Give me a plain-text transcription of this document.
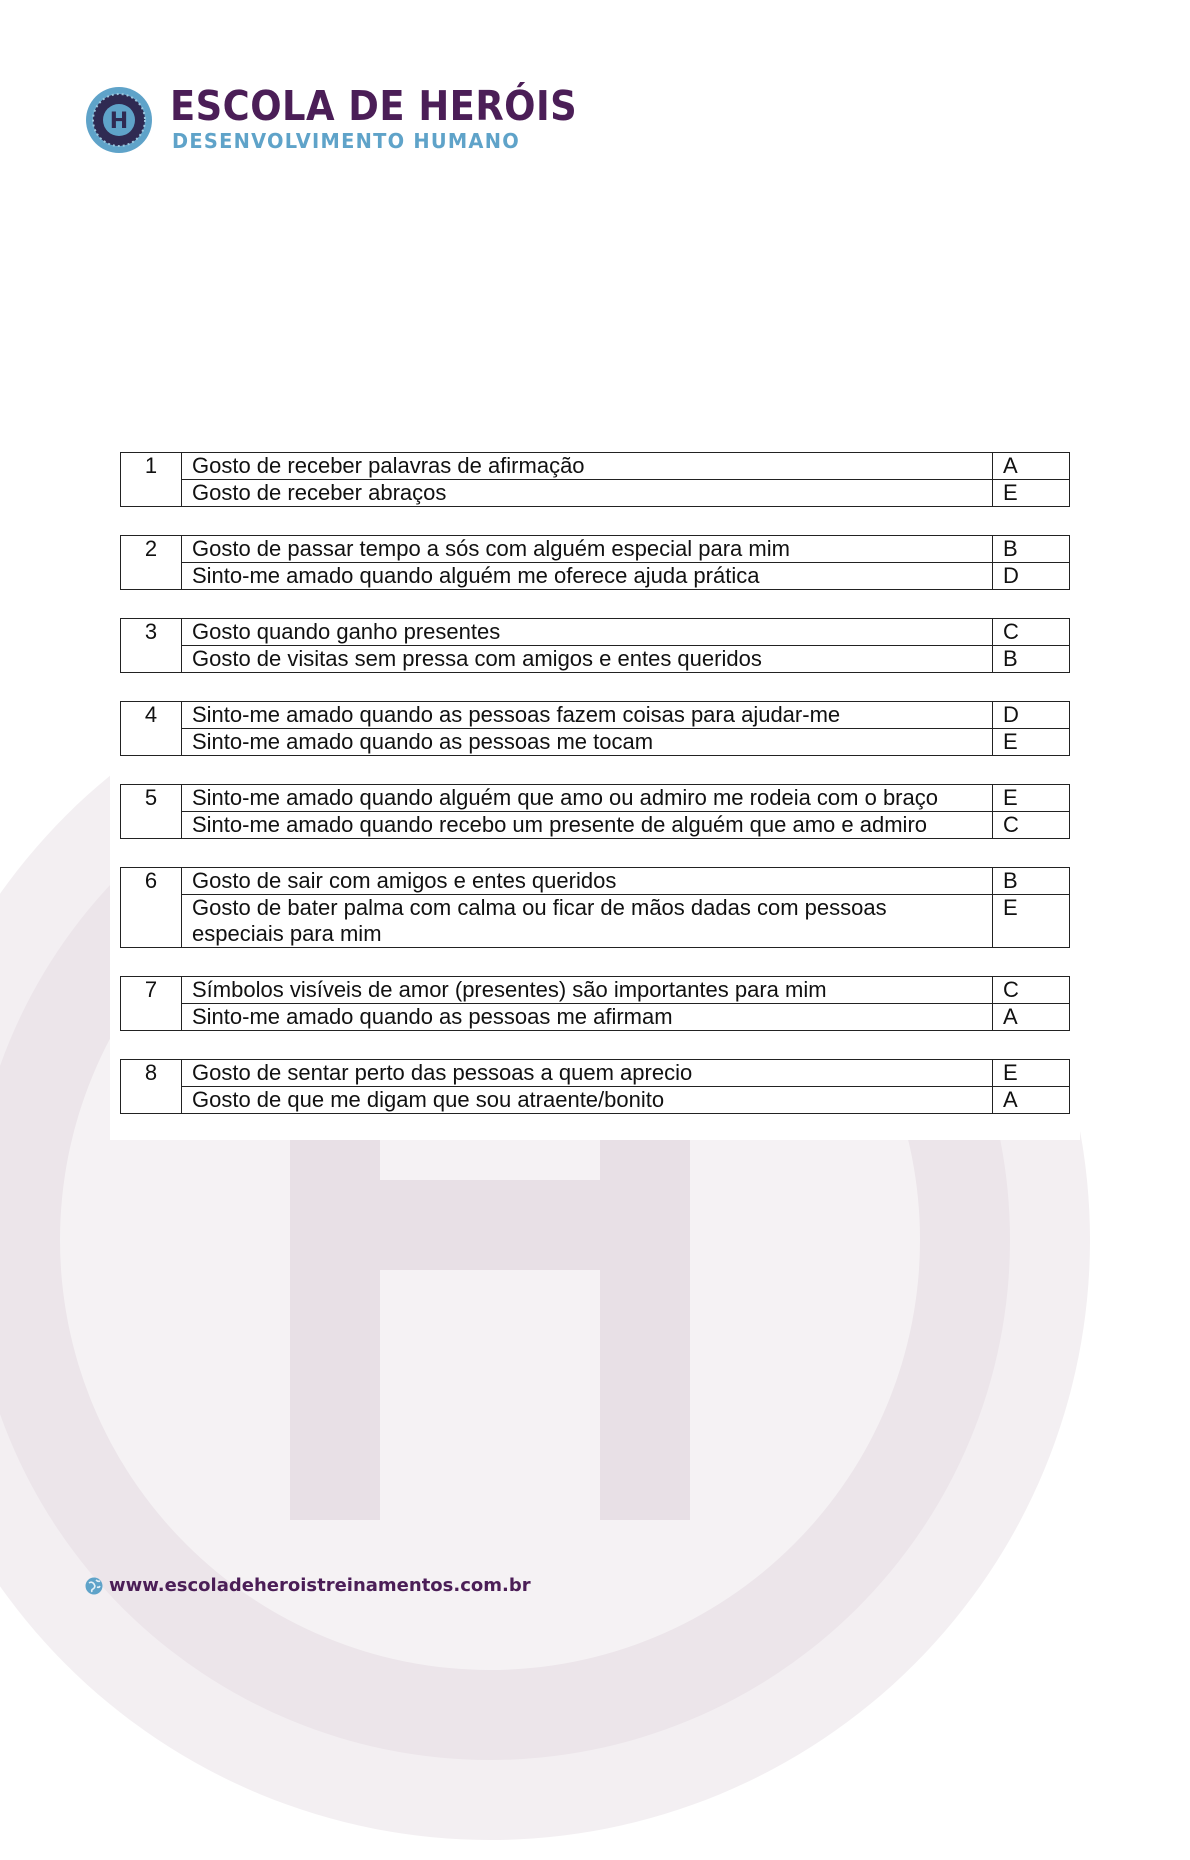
H ESCOLA DE HERÓIS
DESENVOLVIMENTO HUMANO
1	Gosto de receber palavras de afirmação	A
	Gosto de receber abraços	E
2	Gosto de passar tempo a sós com alguém especial para mim	B
	Sinto-me amado quando alguém me oferece ajuda prática	D
3	Gosto quando ganho presentes	C
	Gosto de visitas sem pressa com amigos e entes queridos	B
4	Sinto-me amado quando as pessoas fazem coisas para ajudar-me	D
	Sinto-me amado quando as pessoas me tocam	E
5	Sinto-me amado quando alguém que amo ou admiro me rodeia com o braço	E
	Sinto-me amado quando recebo um presente de alguém que amo e admiro	C
6	Gosto de sair com amigos e entes queridos	B
	Gosto de bater palma com calma ou ficar de mãos dadas com pessoas especiais para mim	E
7	Símbolos visíveis de amor (presentes) são importantes para mim	C
	Sinto-me amado quando as pessoas me afirmam	A
8	Gosto de sentar perto das pessoas a quem aprecio	E
	Gosto de que me digam que sou atraente/bonito	A
www.escoladeheroistreinamentos.com.br
